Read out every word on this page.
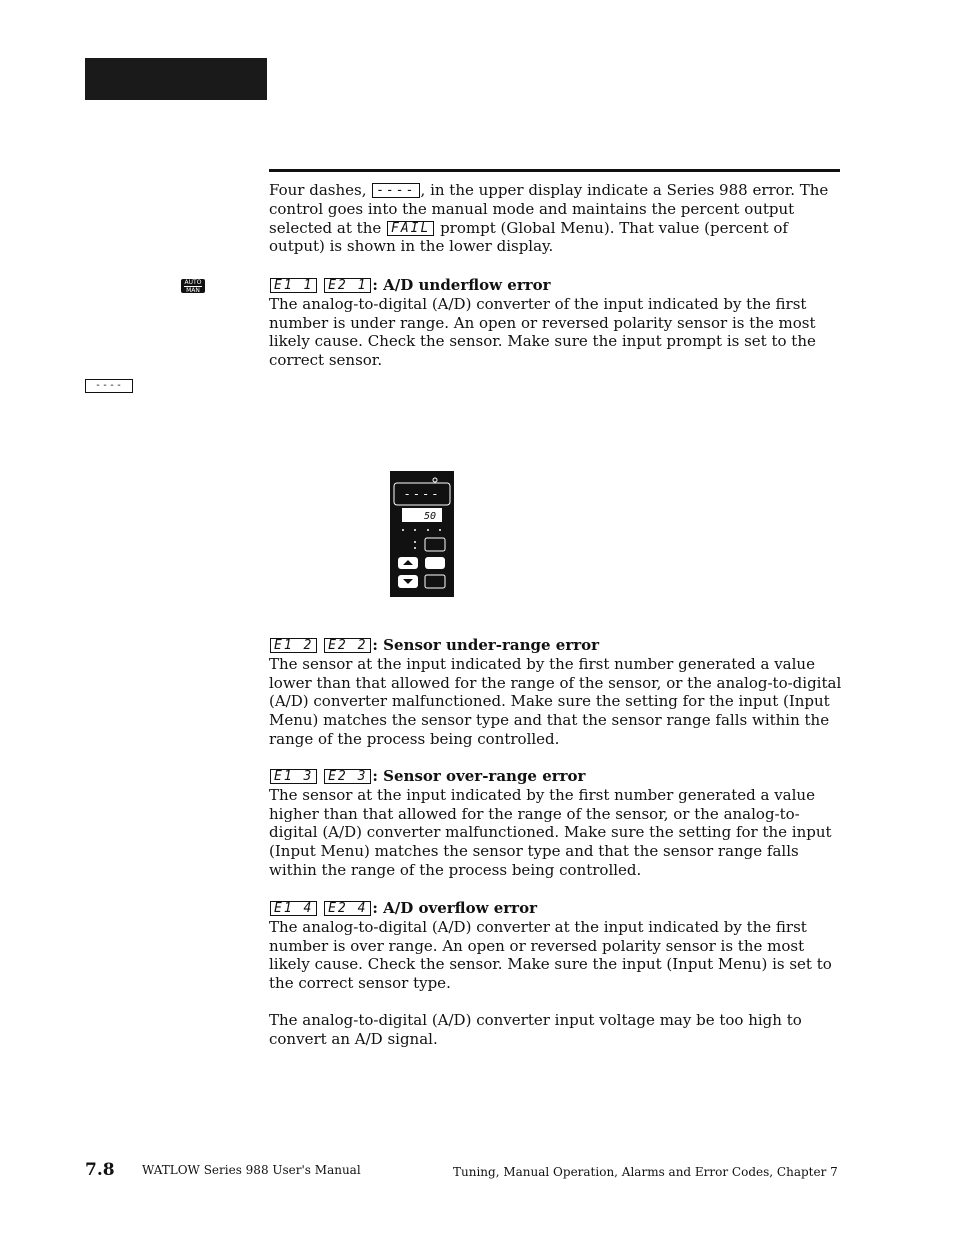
Four dashes, ---- , in the upper display indicate a Series 988 error. The control goes into the manual mode and maintains the percent output selected at the FAIL prompt (Global Menu). That value (percent of output) is shown in the lower display.

AUTO
MAN
----

E1 1 E2 1 : A/D underflow error
The analog-to-digital (A/D) converter of the input indicated by the first number is under range. An open or reversed polarity sensor is the most likely cause. Check the sensor. Make sure the input prompt is set to the correct sensor.

----
50

E1 2 E2 2 : Sensor under-range error
The sensor at the input indicated by the first number generated a value lower than that allowed for the range of the sensor, or the analog-to-digital (A/D) converter malfunctioned. Make sure the setting for the input (Input Menu) matches the sensor type and that the sensor range falls within the range of the process being controlled.

E1 3 E2 3 : Sensor over-range error
The sensor at the input indicated by the first number generated a value higher than that allowed for the range of the sensor, or the analog-to-digital (A/D) converter malfunctioned. Make sure the setting for the input (Input Menu) matches the sensor type and that the sensor range falls within the range of the process being controlled.

E1 4 E2 4 : A/D overflow error
The analog-to-digital (A/D) converter at the input indicated by the first number is over range. An open or reversed polarity sensor is the most likely cause. Check the sensor. Make sure the input (Input Menu) is set to the correct sensor type.

The analog-to-digital (A/D) converter input voltage may be too high to convert an A/D signal.

7.8 WATLOW Series 988 User's Manual	Tuning, Manual Operation, Alarms and Error Codes, Chapter 7
